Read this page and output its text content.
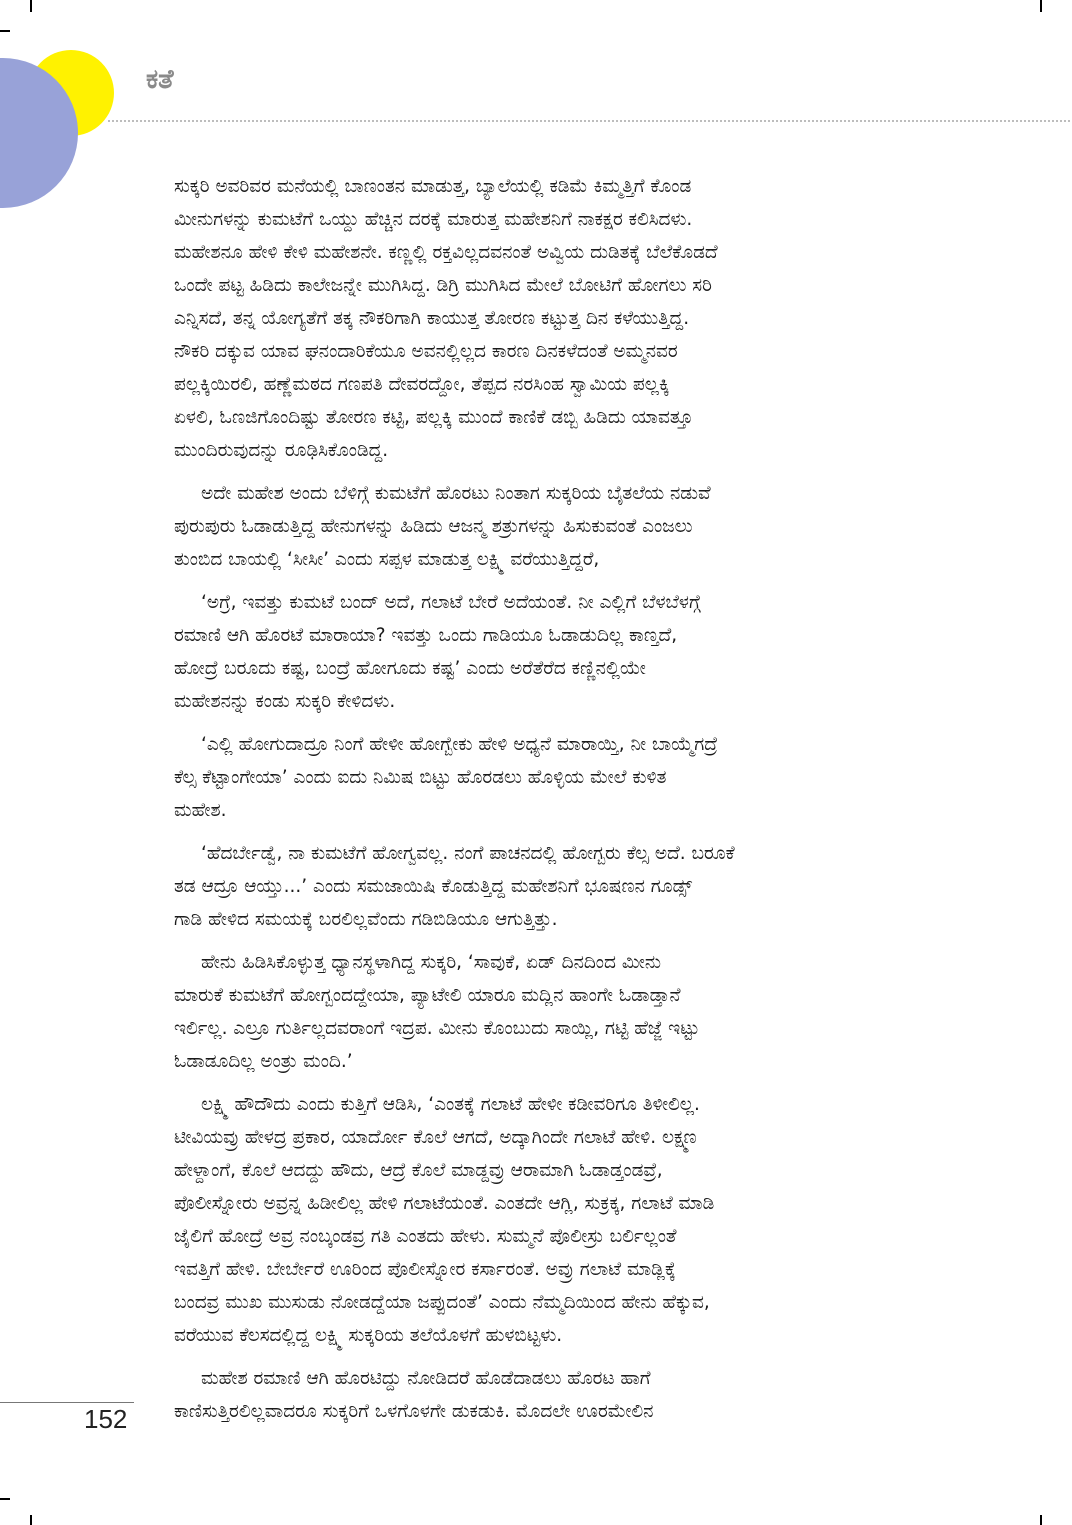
ಕತೆ
ಸುಕ್ಕರಿ ಅವರಿವರ ಮನೆಯಲ್ಲಿ ಬಾಣಂತನ ಮಾಡುತ್ತ, ಬ್ಯಾಲೆಯಲ್ಲಿ ಕಡಿಮೆ ಕಿಮ್ಮತ್ತಿಗೆ ಕೊಂಡ
ಮೀನುಗಳನ್ನು ಕುಮಟೆಗೆ ಒಯ್ದು ಹೆಚ್ಚಿನ ದರಕ್ಕೆ ಮಾರುತ್ತ ಮಹೇಶನಿಗೆ ನಾಕಕ್ಷರ ಕಲಿಸಿದಳು.
ಮಹೇಶನೂ ಹೇಳಿ ಕೇಳಿ ಮಹೇಶನೇ. ಕಣ್ಣಲ್ಲಿ ರಕ್ತವಿಲ್ಲದವನಂತೆ ಅವ್ವಿಯ ದುಡಿತಕ್ಕೆ ಬೆಲೆಕೊಡದೆ
ಒಂದೇ ಪಟ್ಟ ಹಿಡಿದು ಕಾಲೇಜನ್ನೇ ಮುಗಿಸಿದ್ದ. ಡಿಗ್ರಿ ಮುಗಿಸಿದ ಮೇಲೆ ಬೋಟಿಗೆ ಹೋಗಲು ಸರಿ
ಎನ್ನಿಸದೆ, ತನ್ನ ಯೋಗ್ಯತೆಗೆ ತಕ್ಕ ನೌಕರಿಗಾಗಿ ಕಾಯುತ್ತ ತೋರಣ ಕಟ್ಟುತ್ತ ದಿನ ಕಳೆಯುತ್ತಿದ್ದ.
ನೌಕರಿ ದಕ್ಕುವ ಯಾವ ಘನಂದಾರಿಕೆಯೂ ಅವನಲ್ಲಿಲ್ಲದ ಕಾರಣ ದಿನಕಳೆದಂತೆ ಅಮ್ಮನವರ
ಪಲ್ಲಕ್ಕಿಯಿರಲಿ, ಹಣ್ಣೆಮಠದ ಗಣಪತಿ ದೇವರದ್ದೋ, ತೆಪ್ಪದ ನರಸಿಂಹ ಸ್ವಾಮಿಯ ಪಲ್ಲಕ್ಕಿ
ಏಳಲಿ, ಓಣಜಿಗೊಂದಿಷ್ಟು ತೋರಣ ಕಟ್ಟಿ, ಪಲ್ಲಕ್ಕಿ ಮುಂದೆ ಕಾಣಿಕೆ ಡಬ್ಬಿ ಹಿಡಿದು ಯಾವತ್ತೂ
ಮುಂದಿರುವುದನ್ನು ರೂಢಿಸಿಕೊಂಡಿದ್ದ.
ಅದೇ ಮಹೇಶ ಅಂದು ಬೆಳಿಗ್ಗೆ ಕುಮಟೆಗೆ ಹೊರಟು ನಿಂತಾಗ ಸುಕ್ಕರಿಯ ಬೈತಲೆಯ ನಡುವೆ
ಪುರುಪುರು ಓಡಾಡುತ್ತಿದ್ದ ಹೇನುಗಳನ್ನು ಹಿಡಿದು ಆಜನ್ಮ ಶತ್ರುಗಳನ್ನು ಹಿಸುಕುವಂತೆ ಎಂಜಲು
ತುಂಬಿದ ಬಾಯಲ್ಲಿ ‘ಸೀಸೀ’ ಎಂದು ಸಪ್ಪಳ ಮಾಡುತ್ತ ಲಕ್ಷ್ಮಿ ವರೆಯುತ್ತಿದ್ದರೆ,
‘ಅಗ್ರೆ, ಇವತ್ತು ಕುಮಟೆ ಬಂದ್ ಅದೆ, ಗಲಾಟೆ ಬೇರೆ ಅದೆಯಂತೆ. ನೀ ಎಲ್ಲಿಗೆ ಬೆಳಬೆಳಗ್ಗೆ
ರಮಾಣಿ ಆಗಿ ಹೊರಟೆ ಮಾರಾಯಾ? ಇವತ್ತು ಒಂದು ಗಾಡಿಯೂ ಓಡಾಡುದಿಲ್ಲ ಕಾಣ್ತದೆ,
ಹೋದ್ರೆ ಬರೂದು ಕಷ್ಟ, ಬಂದ್ರೆ ಹೋಗೂದು ಕಷ್ಟ’ ಎಂದು ಅರೆತೆರೆದ ಕಣ್ಣಿನಲ್ಲಿಯೇ
ಮಹೇಶನನ್ನು ಕಂಡು ಸುಕ್ಕರಿ ಕೇಳಿದಳು.
‘ಎಲ್ಲಿ ಹೋಗುದಾದ್ರೂ ನಿಂಗೆ ಹೇಳೀ ಹೋಗ್ಬೇಕು ಹೇಳಿ ಅಧ್ಯನೆ ಮಾರಾಯ್ತಿ, ನೀ ಬಾಯ್ಮೆಗದ್ರೆ
ಕೆಲ್ಸ ಕೆಟ್ಟಾಂಗೇಯಾ’ ಎಂದು ಐದು ನಿಮಿಷ ಬಿಟ್ಟು ಹೊರಡಲು ಹೊಳ್ಳಿಯ ಮೇಲೆ ಕುಳಿತ
ಮಹೇಶ.
‘ಹೆದರ್ಬೇಡ್ವೆ, ನಾ ಕುಮಟೆಗೆ ಹೋಗ್ವವಲ್ಲ. ನಂಗೆ ಪಾಚನದಲ್ಲಿ ಹೋಗ್ಬರು ಕೆಲ್ಸ ಅದೆ. ಬರೂಕೆ
ತಡ ಆದ್ರೂ ಆಯ್ತು...’ ಎಂದು ಸಮಜಾಯಿಷಿ ಕೊಡುತ್ತಿದ್ದ ಮಹೇಶನಿಗೆ ಭೂಷಣನ ಗೂಡ್ಸ್
ಗಾಡಿ ಹೇಳಿದ ಸಮಯಕ್ಕೆ ಬರಲಿಲ್ಲವೆಂದು ಗಡಿಬಿಡಿಯೂ ಆಗುತ್ತಿತ್ತು.
ಹೇನು ಹಿಡಿಸಿಕೊಳ್ಳುತ್ತ ಧ್ಯಾನಸ್ಥಳಾಗಿದ್ದ ಸುಕ್ಕರಿ, ‘ಸಾವುಕೆ, ಏಡ್ ದಿನದಿಂದ ಮೀನು
ಮಾರುಕೆ ಕುಮಟೆಗೆ ಹೋಗ್ಬಂದದ್ದೇಯಾ, ಪ್ಯಾಟೇಲಿ ಯಾರೂ ಮದ್ಲಿನ ಹಾಂಗೇ ಓಡಾಡ್ತಾನೆ
ಇರ್ಲಿಲ್ಲ. ಎಲ್ರೂ ಗುರ್ತಿಲ್ಲದವರಾಂಗೆ ಇದ್ರಪ. ಮೀನು ಕೊಂಬುದು ಸಾಯ್ಲಿ, ಗಟ್ಟಿ ಹೆಜ್ಜೆ ಇಟ್ಟು
ಓಡಾಡೂದಿಲ್ಲ ಅಂತ್ರು ಮಂದಿ.’
ಲಕ್ಷ್ಮಿ ಹೌದೌದು ಎಂದು ಕುತ್ತಿಗೆ ಆಡಿಸಿ, ‘ಎಂತಕ್ಕೆ ಗಲಾಟೆ ಹೇಳೀ ಕಡೀವರಿಗೂ ತಿಳೀಲಿಲ್ಲ.
ಟೀವಿಯವ್ರು ಹೇಳದ್ರ ಪ್ರಕಾರ, ಯಾರ್ದೋ ಕೊಲೆ ಆಗದೆ, ಅದ್ಕಾಗಿಂದೇ ಗಲಾಟೆ ಹೇಳಿ. ಲಕ್ಷ್ಮಣ
ಹೇಳ್ದಾಂಗೆ, ಕೊಲೆ ಆದದ್ದು ಹೌದು, ಆದ್ರೆ ಕೊಲೆ ಮಾಡ್ದವ್ರು ಆರಾಮಾಗಿ ಓಡಾಡ್ತಂಡವ್ರೆ,
ಪೊಲೀಸ್ನೋರು ಅವ್ರನ್ನ ಹಿಡೀಲಿಲ್ಲ ಹೇಳಿ ಗಲಾಟೆಯಂತೆ. ಎಂತದೇ ಆಗ್ಲಿ, ಸುಕ್ರಕ್ಕ, ಗಲಾಟೆ ಮಾಡಿ
ಜೈಲಿಗೆ ಹೋದ್ರೆ ಅವ್ರ ನಂಬ್ಕಂಡವ್ರ ಗತಿ ಎಂತದು ಹೇಳು. ಸುಮ್ಮನೆ ಪೊಲೀಸ್ರು ಬರ್ಲಿಲ್ಲಂತೆ
ಇವತ್ತಿಗೆ ಹೇಳಿ. ಬೇರ್ಬೇರೆ ಊರಿಂದ ಪೊಲೀಸ್ನೋರ ಕರ್ಸಾರಂತೆ. ಅವ್ರು ಗಲಾಟೆ ಮಾಡ್ಲಿಕ್ಕೆ
ಬಂದವ್ರ ಮುಖ ಮುಸುಡು ನೋಡದ್ದೆಯಾ ಜಪ್ಪುದಂತೆ’ ಎಂದು ನೆಮ್ಮದಿಯಿಂದ ಹೇನು ಹೆಕ್ಕುವ,
ವರೆಯುವ ಕೆಲಸದಲ್ಲಿದ್ದ ಲಕ್ಷ್ಮಿ ಸುಕ್ಕರಿಯ ತಲೆಯೊಳಗೆ ಹುಳಬಿಟ್ಟಳು.
ಮಹೇಶ ರಮಾಣಿ ಆಗಿ ಹೊರಟಿದ್ದು ನೋಡಿದರೆ ಹೊಡೆದಾಡಲು ಹೊರಟ ಹಾಗೆ
ಕಾಣಿಸುತ್ತಿರಲಿಲ್ಲವಾದರೂ ಸುಕ್ಕರಿಗೆ ಒಳಗೊಳಗೇ ಡುಕಡುಕಿ. ಮೊದಲೇ ಊರಮೇಲಿನ
152
